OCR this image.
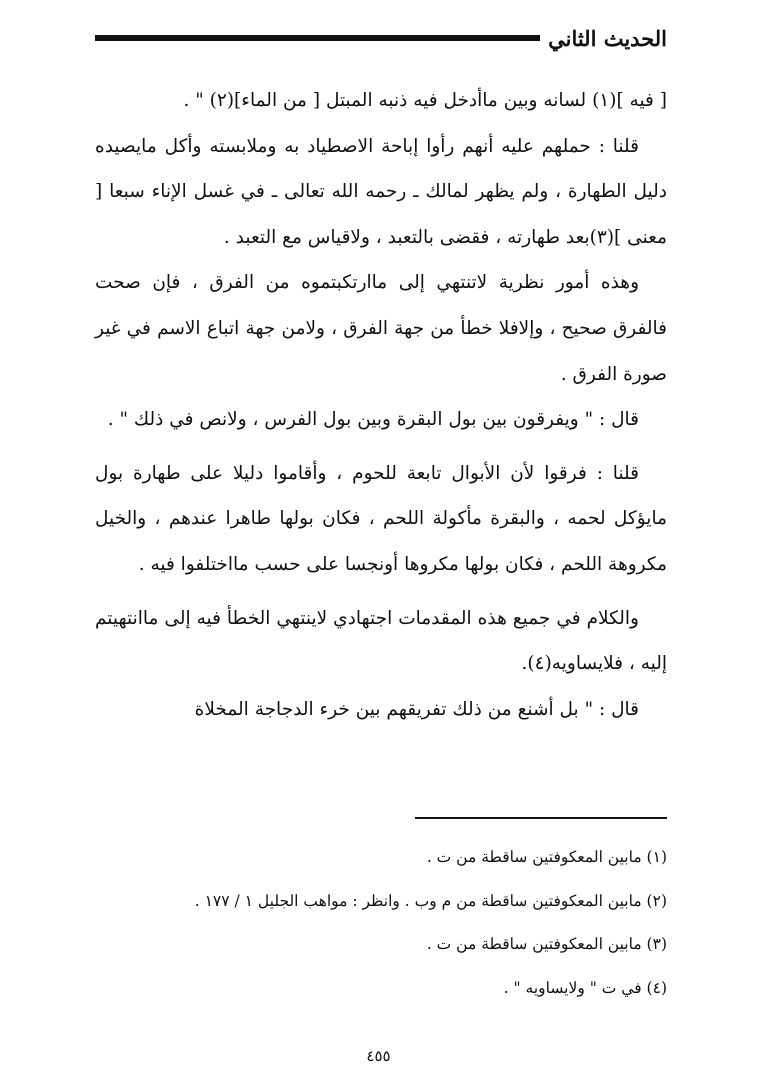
الحديث الثاني

[ فيه ](١) لسانه وبين ماأدخل فيه ذنبه المبتل [ من الماء](٢) " .

قلنا : حملهم عليه أنهم رأوا إباحة الاصطياد به وملابسته وأكل مايصيده دليل الطهارة ، ولم يظهر لمالك ـ رحمه الله تعالى ـ في غسل الإناء سبعا [ معنى ](٣)بعد طهارته ، فقضى بالتعبد ، ولاقياس مع التعبد .

وهذه أمور نظرية لاتنتهي إلى ماارتكبتموه من الفرق ، فإن صحت فالفرق صحيح ، وإلافلا خطأ من جهة الفرق ، ولامن جهة اتباع الاسم في غير صورة الفرق .

قال : " ويفرقون بين بول البقرة وبين بول الفرس ، ولانص في ذلك " .

قلنا : فرقوا لأن الأبوال تابعة للحوم ، وأقاموا دليلا على طهارة بول مايؤكل لحمه ، والبقرة مأكولة اللحم ، فكان بولها طاهرا عندهم ، والخيل مكروهة اللحم ، فكان بولها مكروها أونجسا على حسب مااختلفوا فيه .

والكلام في جميع هذه المقدمات اجتهادي لاينتهي الخطأ فيه إلى ماانتهيتم إليه ، فلايساويه(٤).

قال : " بل أشنع من ذلك تفريقهم بين خرء الدجاجة المخلاة

(١) مابين المعكوفتين ساقطة من ت .
(٢) مابين المعكوفتين ساقطة من م وب . وانظر : مواهب الجليل ١ / ١٧٧ .
(٣) مابين المعكوفتين ساقطة من ت .
(٤) في ت " ولايساويه " .
٤٥٥
